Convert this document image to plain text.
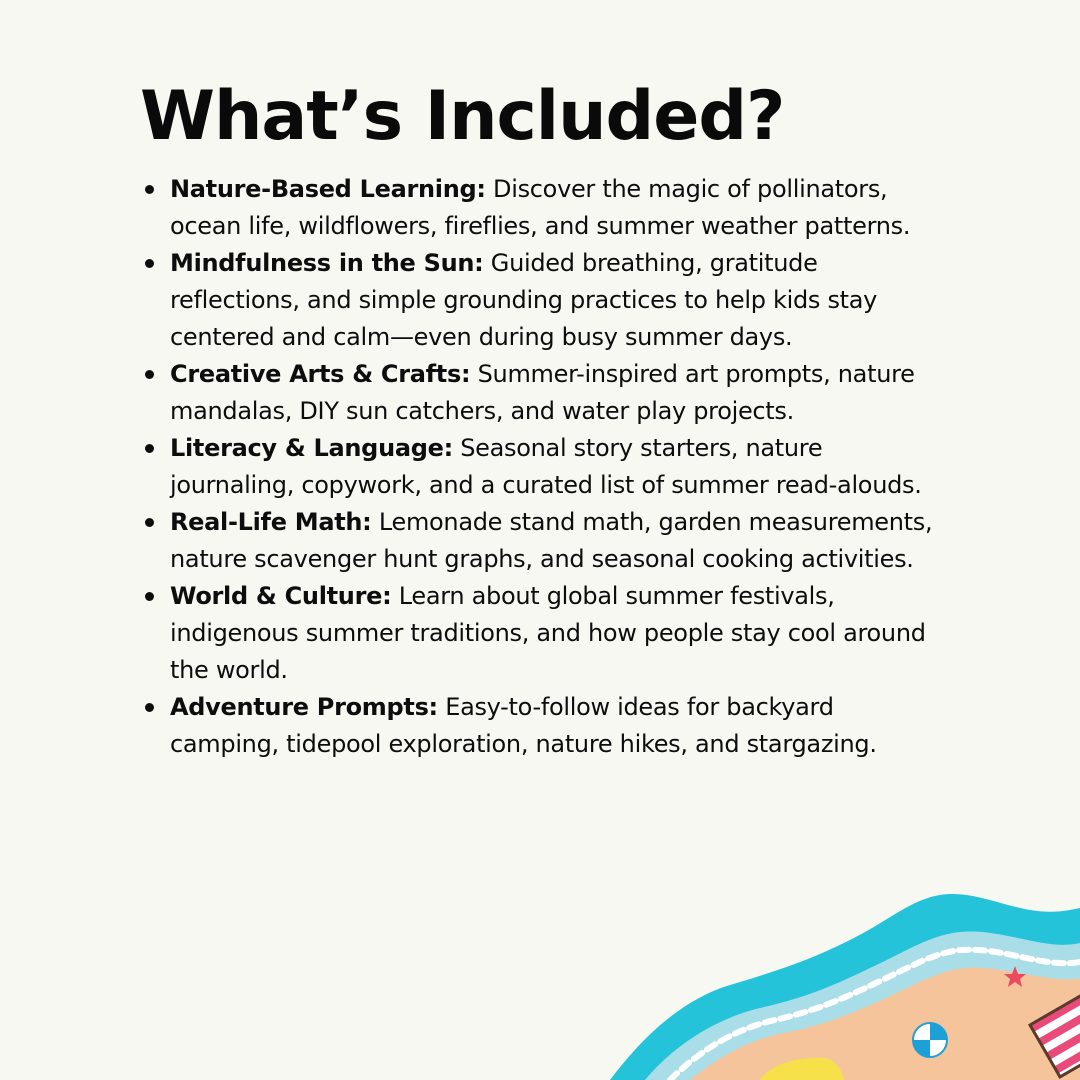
What’s Included?
Nature-Based Learning: Discover the magic of pollinators, ocean life, wildflowers, fireflies, and summer weather patterns.
Mindfulness in the Sun: Guided breathing, gratitude reflections, and simple grounding practices to help kids stay centered and calm—even during busy summer days.
Creative Arts & Crafts: Summer-inspired art prompts, nature mandalas, DIY sun catchers, and water play projects.
Literacy & Language: Seasonal story starters, nature journaling, copywork, and a curated list of summer read-alouds.
Real-Life Math: Lemonade stand math, garden measurements, nature scavenger hunt graphs, and seasonal cooking activities.
World & Culture: Learn about global summer festivals, indigenous summer traditions, and how people stay cool around the world.
Adventure Prompts: Easy-to-follow ideas for backyard camping, tidepool exploration, nature hikes, and stargazing.
